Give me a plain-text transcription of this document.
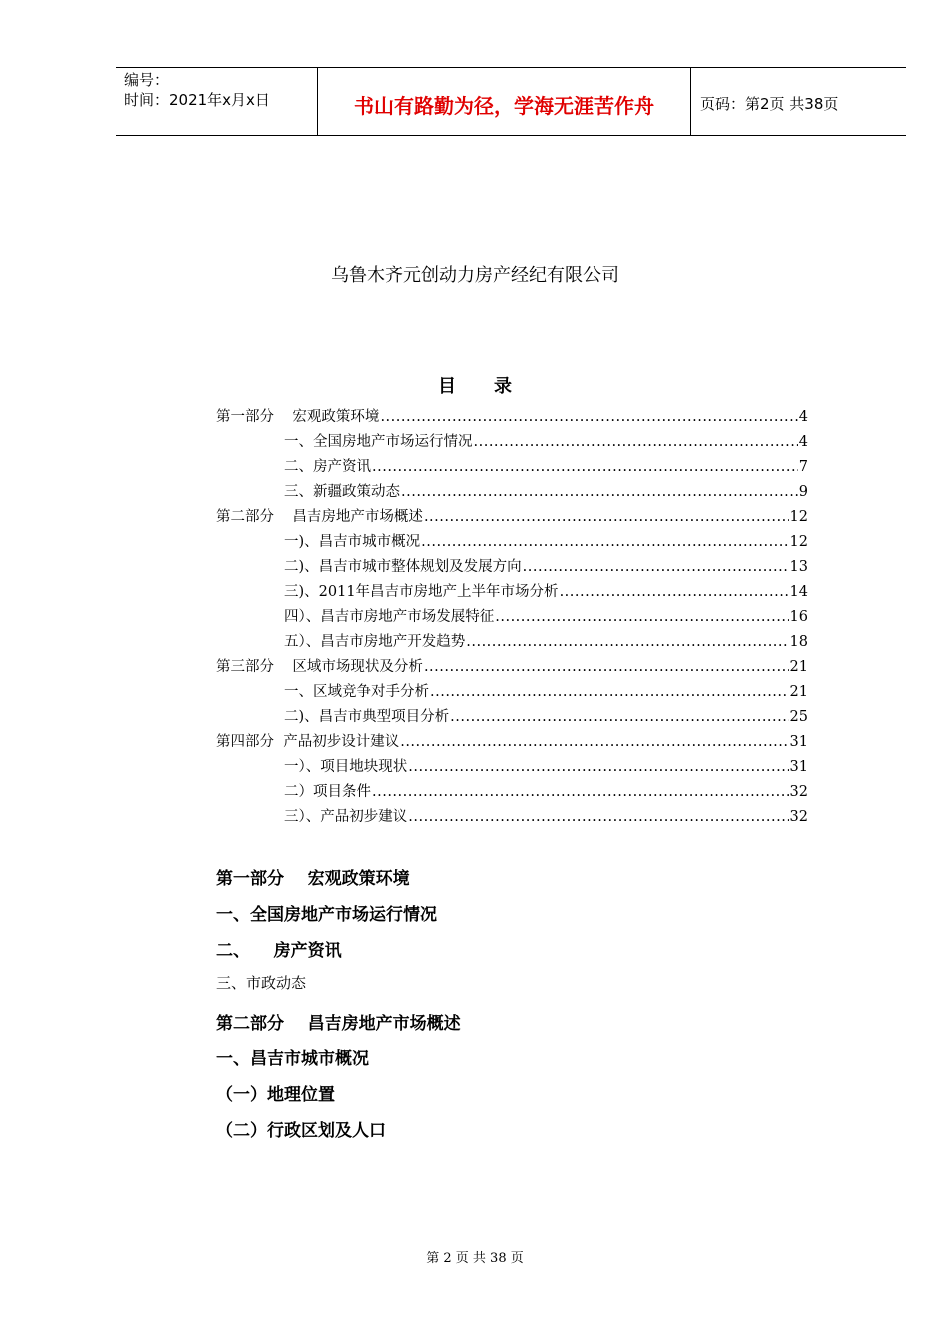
编号：
时间：2021年x月x日	书山有路勤为径，学海无涯苦作舟	页码：第2页 共38页
乌鲁木齐元创动力房产经纪有限公司
目录
第一部分    宏观政策环境 .....	4
一、全国房地产市场运行情况 .....	4
二、房产资讯 .....	7
三、新疆政策动态 .....	9
第二部分    昌吉房地产市场概述 .....	12
一)、昌吉市城市概况 .....	12
二)、昌吉市城市整体规划及发展方向 .....	13
三)、2011年昌吉市房地产上半年市场分析 .....	14
四）、昌吉市房地产市场发展特征 .....	16
五）、昌吉市房地产开发趋势 .....	18
第三部分    区域市场现状及分析 .....	21
一、区域竞争对手分析 .....	21
二)、昌吉市典型项目分析 .....	25
第四部分  产品初步设计建议 .....	31
一）、项目地块现状 .....	31
二）项目条件 .....	32
三）、产品初步建议 .....	32
第一部分    宏观政策环境
一、全国房地产市场运行情况
二、    房产资讯
三、市政动态
第二部分    昌吉房地产市场概述
一、昌吉市城市概况
（一）地理位置
（二）行政区划及人口
第 2 页 共 38 页
